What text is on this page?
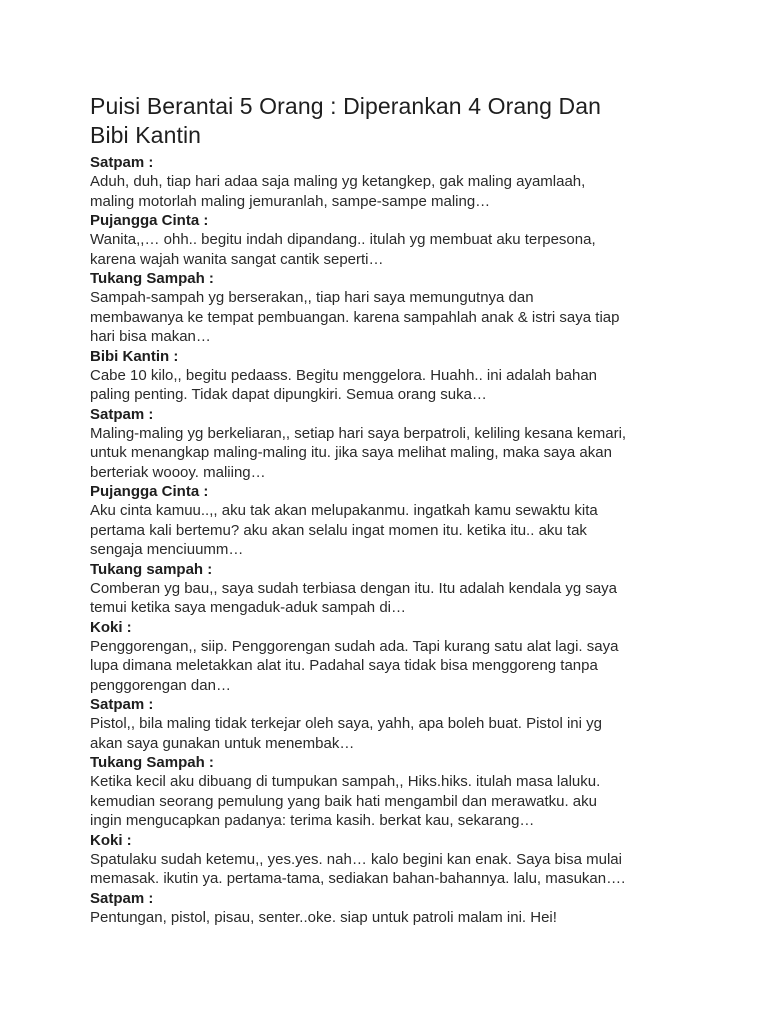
Puisi Berantai 5 Orang : Diperankan 4 Orang Dan
Bibi Kantin
Satpam :
Aduh, duh, tiap hari adaa saja maling yg ketangkep, gak maling ayamlaah,
maling motorlah maling jemuranlah, sampe-sampe maling…
Pujangga Cinta :
Wanita,,… ohh.. begitu indah dipandang.. itulah yg membuat aku terpesona,
karena wajah wanita sangat cantik seperti…
Tukang Sampah :
Sampah-sampah yg berserakan,, tiap hari saya memungutnya dan
membawanya ke tempat pembuangan. karena sampahlah anak & istri saya tiap
hari bisa makan…
Bibi Kantin :
Cabe 10 kilo,, begitu pedaass. Begitu menggelora. Huahh.. ini adalah bahan
paling penting. Tidak dapat dipungkiri. Semua orang suka…
Satpam :
Maling-maling yg berkeliaran,, setiap hari saya berpatroli, keliling kesana kemari,
untuk menangkap maling-maling itu. jika saya melihat maling, maka saya akan
berteriak woooy. maliing…
Pujangga Cinta :
Aku cinta kamuu..,, aku tak akan melupakanmu. ingatkah kamu sewaktu kita
pertama kali bertemu? aku akan selalu ingat momen itu. ketika itu.. aku tak
sengaja menciuumm…
Tukang sampah :
Comberan yg bau,, saya sudah terbiasa dengan itu. Itu adalah kendala yg saya
temui ketika saya mengaduk-aduk sampah di…
Koki :
Penggorengan,, siip. Penggorengan sudah ada. Tapi kurang satu alat lagi. saya
lupa dimana meletakkan alat itu. Padahal saya tidak bisa menggoreng tanpa
penggorengan dan…
Satpam :
Pistol,, bila maling tidak terkejar oleh saya, yahh, apa boleh buat. Pistol ini yg
akan saya gunakan untuk menembak…
Tukang Sampah :
Ketika kecil aku dibuang di tumpukan sampah,, Hiks.hiks. itulah masa laluku.
kemudian seorang pemulung yang baik hati mengambil dan merawatku. aku
ingin mengucapkan padanya: terima kasih. berkat kau, sekarang…
Koki :
Spatulaku sudah ketemu,, yes.yes. nah… kalo begini kan enak. Saya bisa mulai
memasak. ikutin ya. pertama-tama, sediakan bahan-bahannya. lalu, masukan….
Satpam :
Pentungan, pistol, pisau, senter..oke. siap untuk patroli malam ini. Hei!
